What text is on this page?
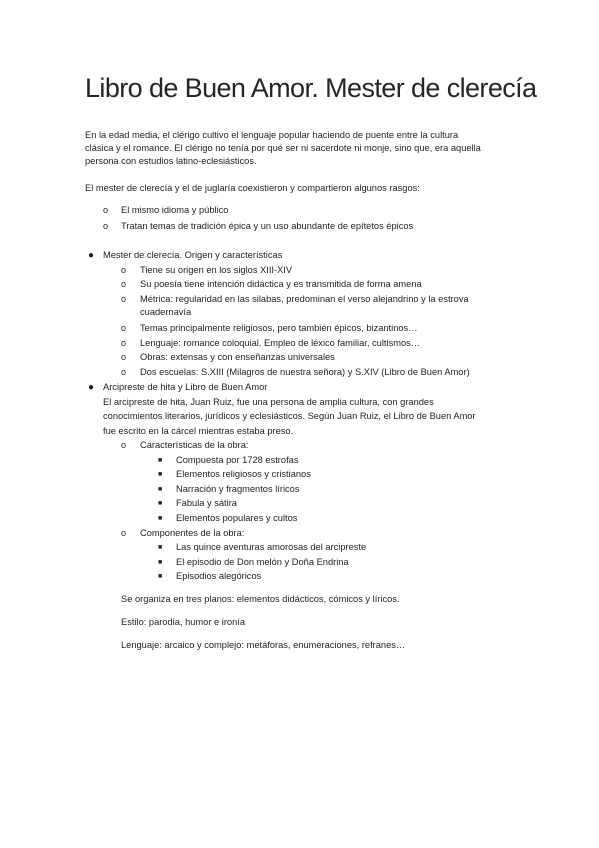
Libro de Buen Amor. Mester de clerecía
En la edad media, el clérigo cultivo el lenguaje popular haciendo de puente entre la cultura
clásica y el romance. El clérigo no tenía por qué ser ni sacerdote ni monje, sino que, era aquella
persona con estudios latino-eclesiásticos.

El mester de clerecía y el de juglaría coexistieron y compartieron algunos rasgos:

o El mismo idioma y público

o Tratan temas de tradición épica y un uso abundante de epítetos épicos

● Mester de clerecía. Origen y características

o Tiene su origen en los siglos XIII-XIV

o Su poesía tiene intención didáctica y es transmitida de forma amena

o Métrica: regularidad en las silabas, predominan el verso alejandrino y la estrova

cuadernavía

o Temas principalmente religiosos, pero también épicos, bizantinos…

o Lenguaje: romance coloquial. Empleo de léxico familiar, cultismos…

o Obras: extensas y con enseñanzas universales

o Dos escuelas: S.XIII (Milagros de nuestra señora) y S.XIV (Libro de Buen Amor)

● Arcipreste de hita y Libro de Buen Amor

El arcipreste de hita, Juan Ruiz, fue una persona de amplia cultura, con grandes

conocimientos literarios, jurídicos y eclesiásticos. Según Juan Ruiz, el Libro de Buen Amor

fue escrito en la cárcel mientras estaba preso.

o Características de la obra:

■ Compuesta por 1728 estrofas

■ Elementos religiosos y cristianos

■ Narración y fragmentos líricos

■ Fabula y sátira

■ Elementos populares y cultos

o Componentes de la obra:

■ Las quince aventuras amorosas del arcipreste

■ El episodio de Don melón y Doña Endrina

■ Episodios alegóricos

Se organiza en tres planos: elementos didácticos, cómicos y líricos.

Estilo: parodia, humor e ironía

Lenguaje: arcaico y complejo: metáforas, enumeraciones, refranes…
